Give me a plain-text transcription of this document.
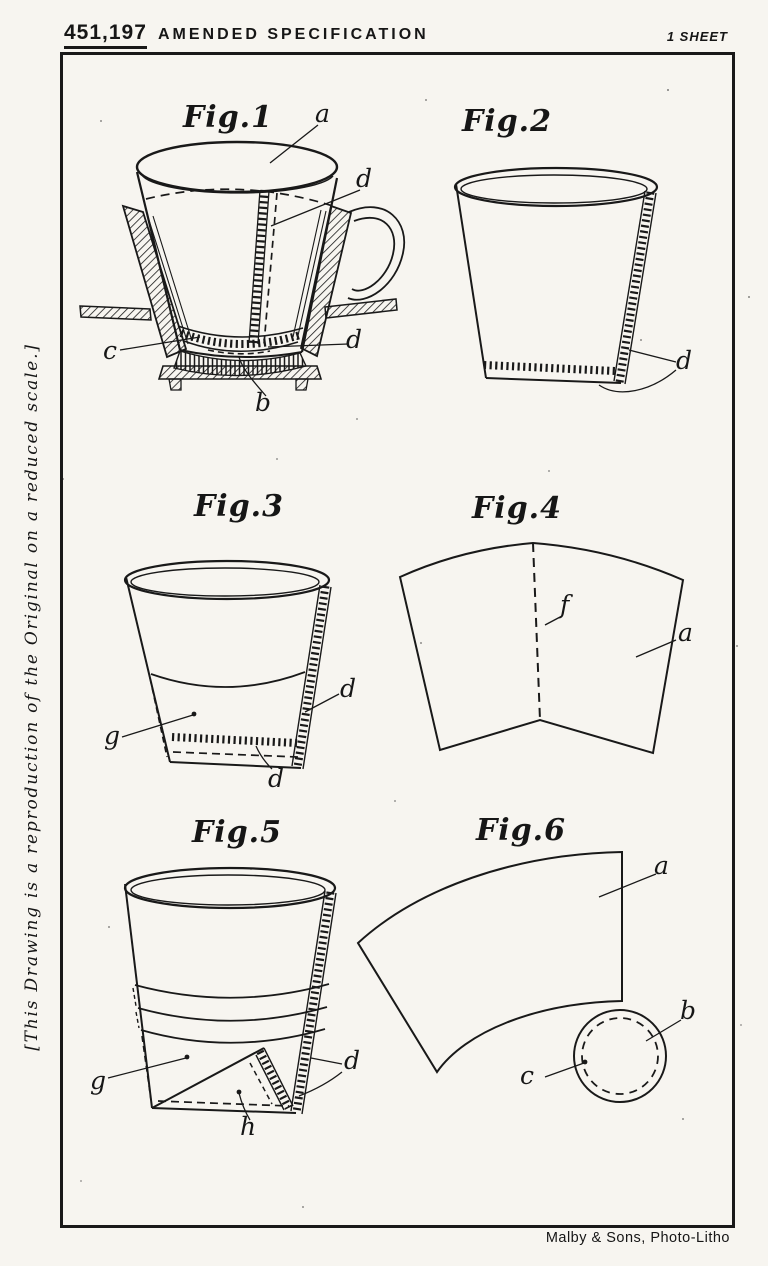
451,197 AMENDED SPECIFICATION	1 SHEET
[This Drawing is a reproduction of the Original on a reduced scale.]
Malby & Sons, Photo-Litho
Fig.1	Fig.2
Fig.3	Fig.4
Fig.5	Fig.6
a
d
c	d
b
d
g
d
d
f
a
g
d
h
a
b
c
